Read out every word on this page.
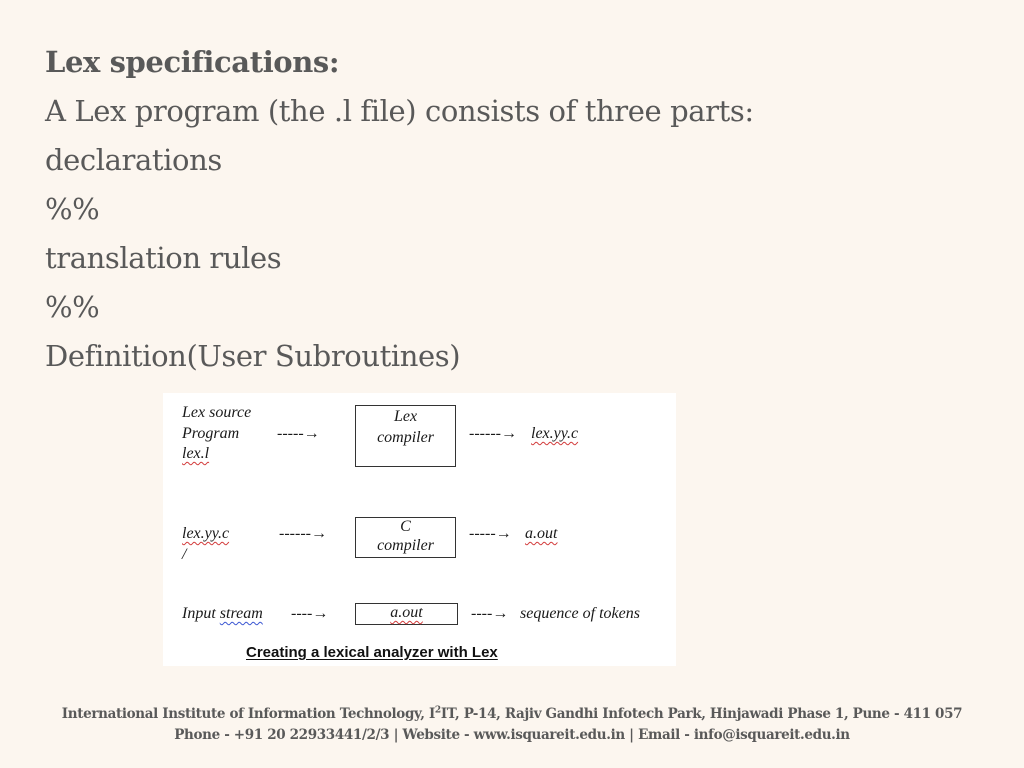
Lex specifications:
A Lex program (the .l file) consists of three parts:
declarations
%%
translation rules
%%
Definition(User Subroutines)
Lex source
Program -----→
lex.l
Lex
compiler	------→ lex.yy.c
lex.yy.c	------→
/
C
compiler
-----→ a.out
Input stream ----→	a.out	----→ sequence of tokens
Creating a lexical analyzer with Lex
International Institute of Information Technology, $I^2IT$, P-14, Rajiv Gandhi Infotech Park, Hinjawadi Phase 1, Pune - 411 057
Phone - +91 20 22933441/2/3 | Website - www.isquareit.edu.in | Email - info@isquareit.edu.in
